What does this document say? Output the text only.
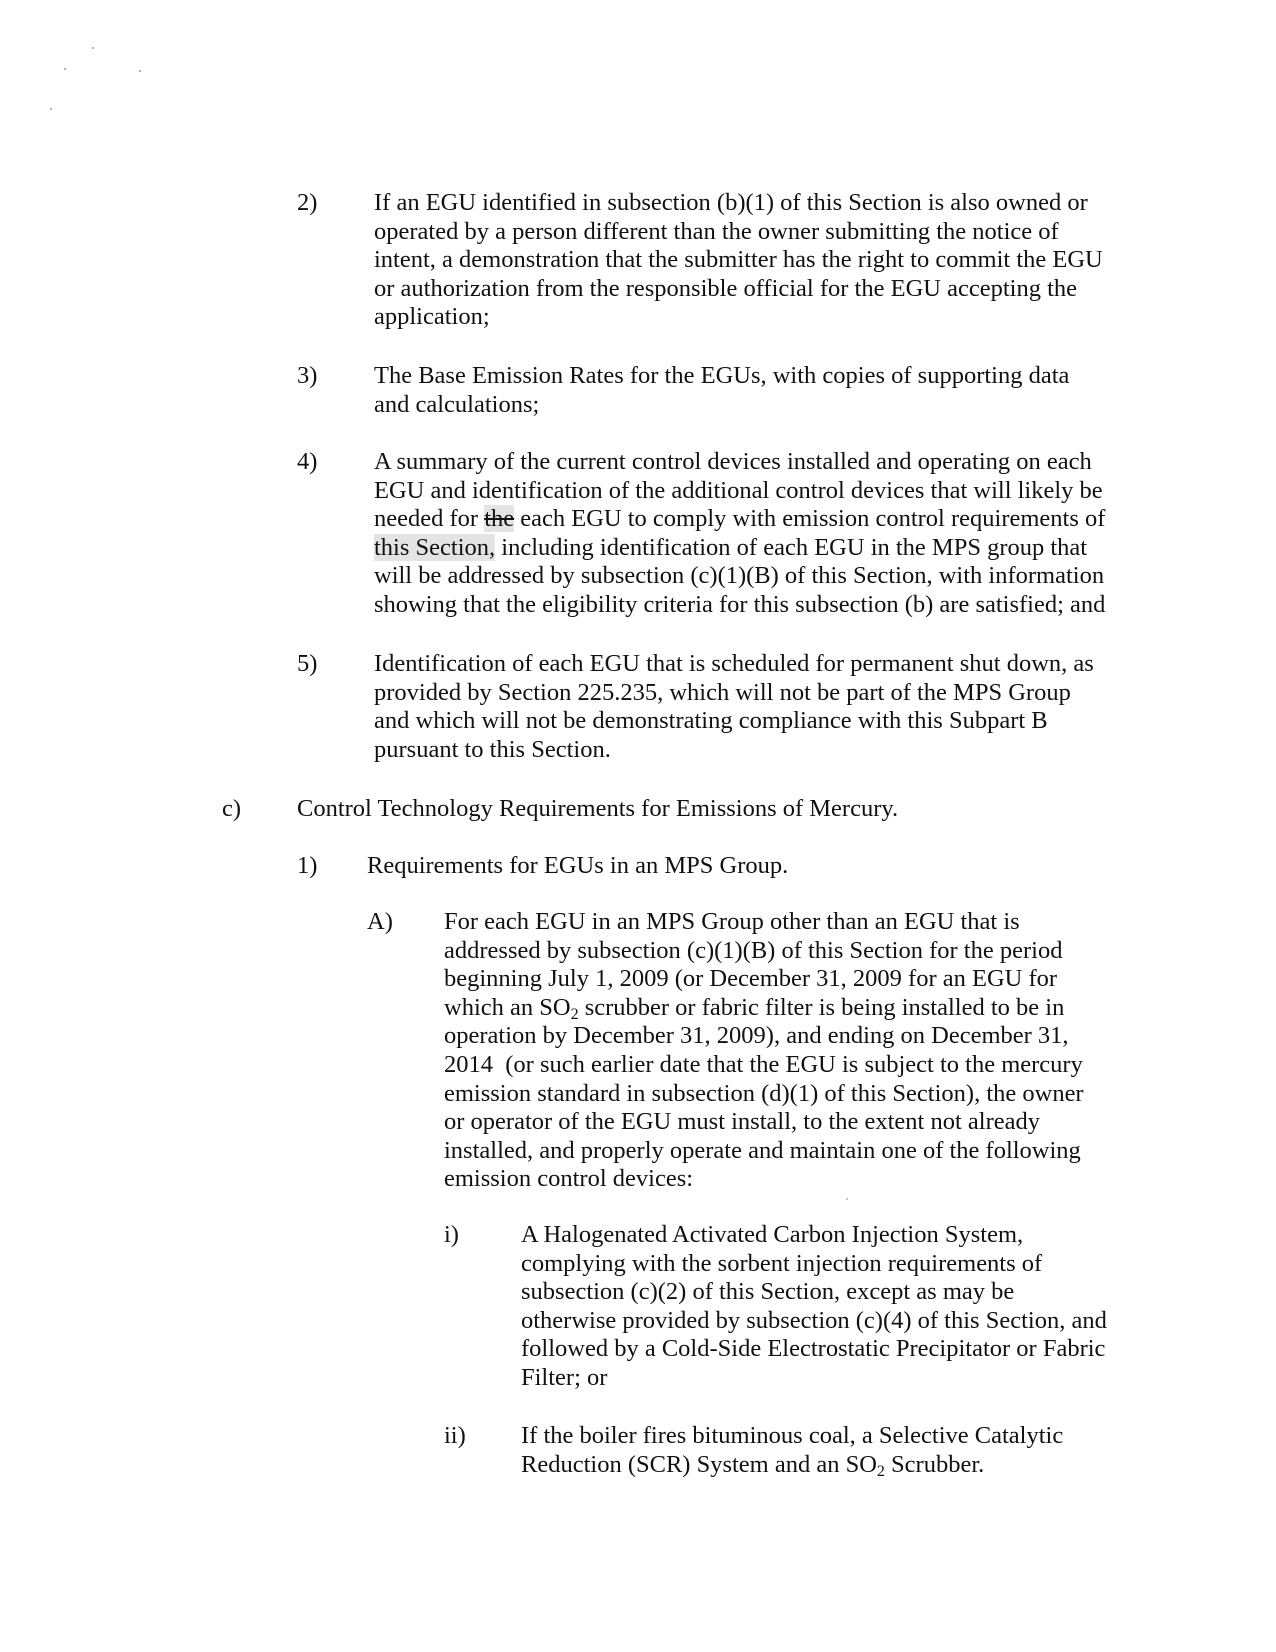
2) If an EGU identified in subsection (b)(1) of this Section is also owned or
operated by a person different than the owner submitting the notice of
intent, a demonstration that the submitter has the right to commit the EGU
or authorization from the responsible official for the EGU accepting the
application;
3) The Base Emission Rates for the EGUs, with copies of supporting data
and calculations;
4) A summary of the current control devices installed and operating on each
EGU and identification of the additional control devices that will likely be
needed for the each EGU to comply with emission control requirements of
this Section, including identification of each EGU in the MPS group that
will be addressed by subsection (c)(1)(B) of this Section, with information
showing that the eligibility criteria for this subsection (b) are satisfied; and
5) Identification of each EGU that is scheduled for permanent shut down, as
provided by Section 225.235, which will not be part of the MPS Group
and which will not be demonstrating compliance with this Subpart B
pursuant to this Section.
c) Control Technology Requirements for Emissions of Mercury.
1) Requirements for EGUs in an MPS Group.
A) For each EGU in an MPS Group other than an EGU that is
addressed by subsection (c)(1)(B) of this Section for the period
beginning July 1, 2009 (or December 31, 2009 for an EGU for
which an $SO_2$ scrubber or fabric filter is being installed to be in
operation by December 31, 2009), and ending on December 31,
2014  (or such earlier date that the EGU is subject to the mercury
emission standard in subsection (d)(1) of this Section), the owner
or operator of the EGU must install, to the extent not already
installed, and properly operate and maintain one of the following
emission control devices:
i)	A Halogenated Activated Carbon Injection System,
complying with the sorbent injection requirements of
subsection (c)(2) of this Section, except as may be
otherwise provided by subsection (c)(4) of this Section, and
followed by a Cold-Side Electrostatic Precipitator or Fabric
Filter; or
ii) If the boiler fires bituminous coal, a Selective Catalytic
Reduction (SCR) System and an $SO_2$ Scrubber.
